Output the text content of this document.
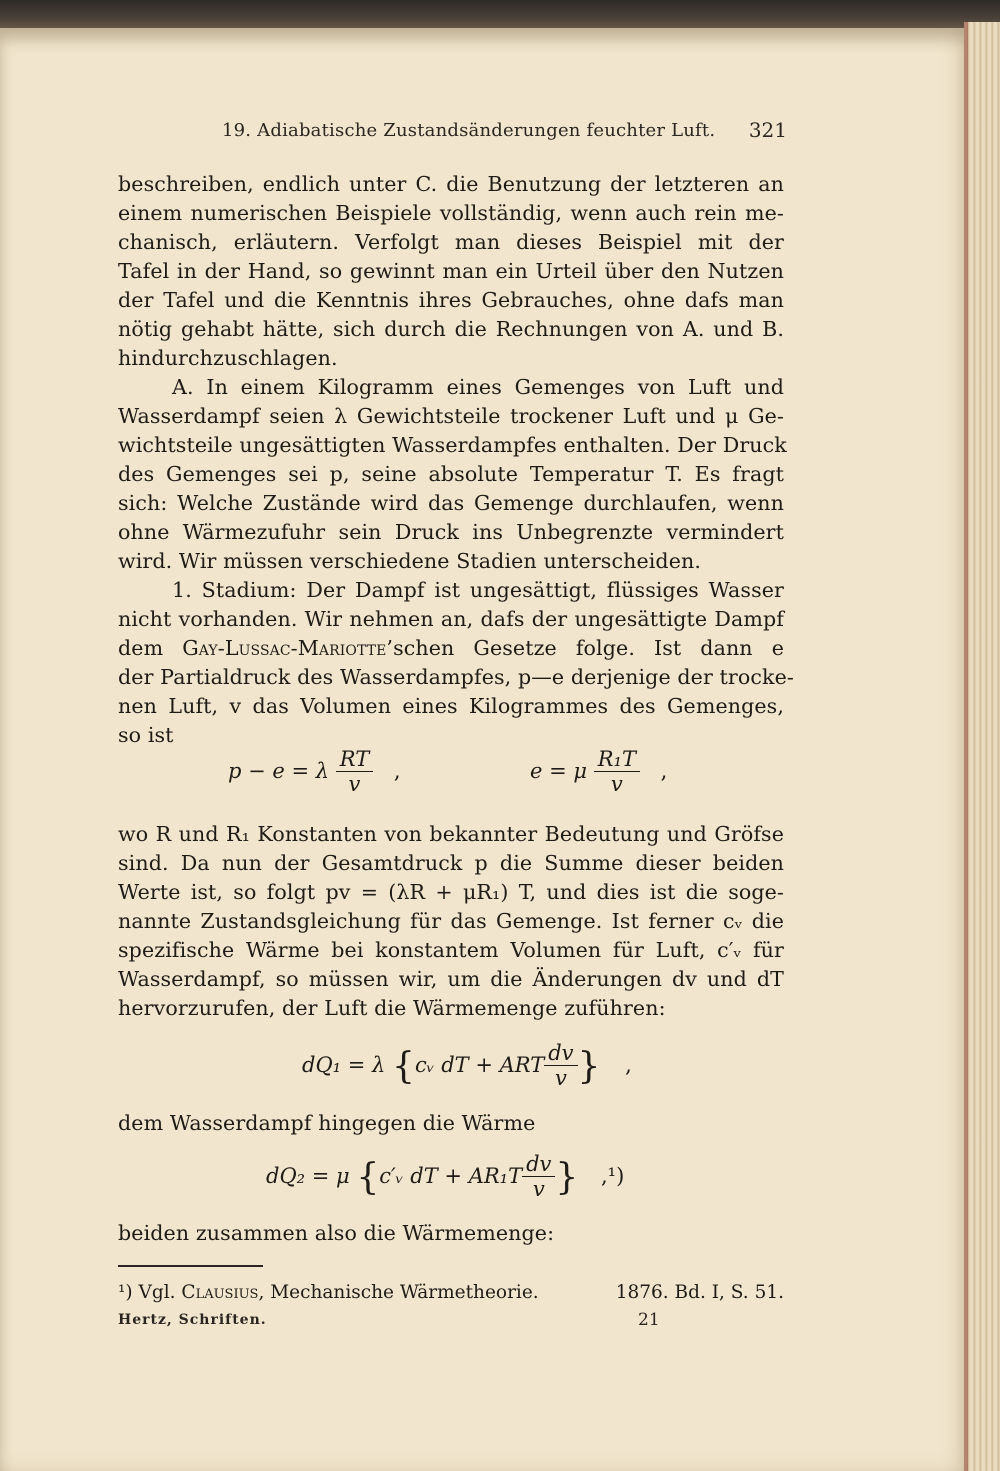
19. Adiabatische Zustandsänderungen feuchter Luft. 321
beschreiben, endlich unter C. die Benutzung der letzteren an
einem numerischen Beispiele vollständig, wenn auch rein me-
chanisch, erläutern. Verfolgt man dieses Beispiel mit der
Tafel in der Hand, so gewinnt man ein Urteil über den Nutzen
der Tafel und die Kenntnis ihres Gebrauches, ohne dafs man
nötig gehabt hätte, sich durch die Rechnungen von A. und B.
hindurchzuschlagen.
A. In einem Kilogramm eines Gemenges von Luft und
Wasserdampf seien λ Gewichtsteile trockener Luft und μ Ge-
wichtsteile ungesättigten Wasserdampfes enthalten. Der Druck
des Gemenges sei p, seine absolute Temperatur T. Es fragt
sich: Welche Zustände wird das Gemenge durchlaufen, wenn
ohne Wärmezufuhr sein Druck ins Unbegrenzte vermindert
wird. Wir müssen verschiedene Stadien unterscheiden.
1. Stadium: Der Dampf ist ungesättigt, flüssiges Wasser
nicht vorhanden. Wir nehmen an, dafs der ungesättigte Dampf
dem Gay-Lussac-Mariotte’schen Gesetze folge. Ist dann e
der Partialdruck des Wasserdampfes, p—e derjenige der trocke-
nen Luft, v das Volumen eines Kilogrammes des Gemenges,
so ist
p − e = λ $\frac{RT}{v}$ ,	e = μ $\frac{\text{R₁T}}{v}$ ,
wo R und R₁ Konstanten von bekannter Bedeutung und Gröfse
sind. Da nun der Gesamtdruck p die Summe dieser beiden
Werte ist, so folgt pv = (λR + μR₁) T, und dies ist die soge-
nannte Zustandsgleichung für das Gemenge. Ist ferner cᵥ die
spezifische Wärme bei konstantem Volumen für Luft, c′ᵥ für
Wasserdampf, so müssen wir, um die Änderungen dv und dT
hervorzurufen, der Luft die Wärmemenge zuführen:
dQ₁ = λ {cᵥ dT + ART $\frac{dv}{v}$ } ,
dem Wasserdampf hingegen die Wärme
dQ₂ = μ {c′ᵥ dT + $AR_1T \frac{dv}{v}$ } ,¹)
beiden zusammen also die Wärmemenge:
¹) Vgl. Clausius, Mechanische Wärmetheorie.	1876. Bd. I, S. 51.
Hertz, Schriften.	21
